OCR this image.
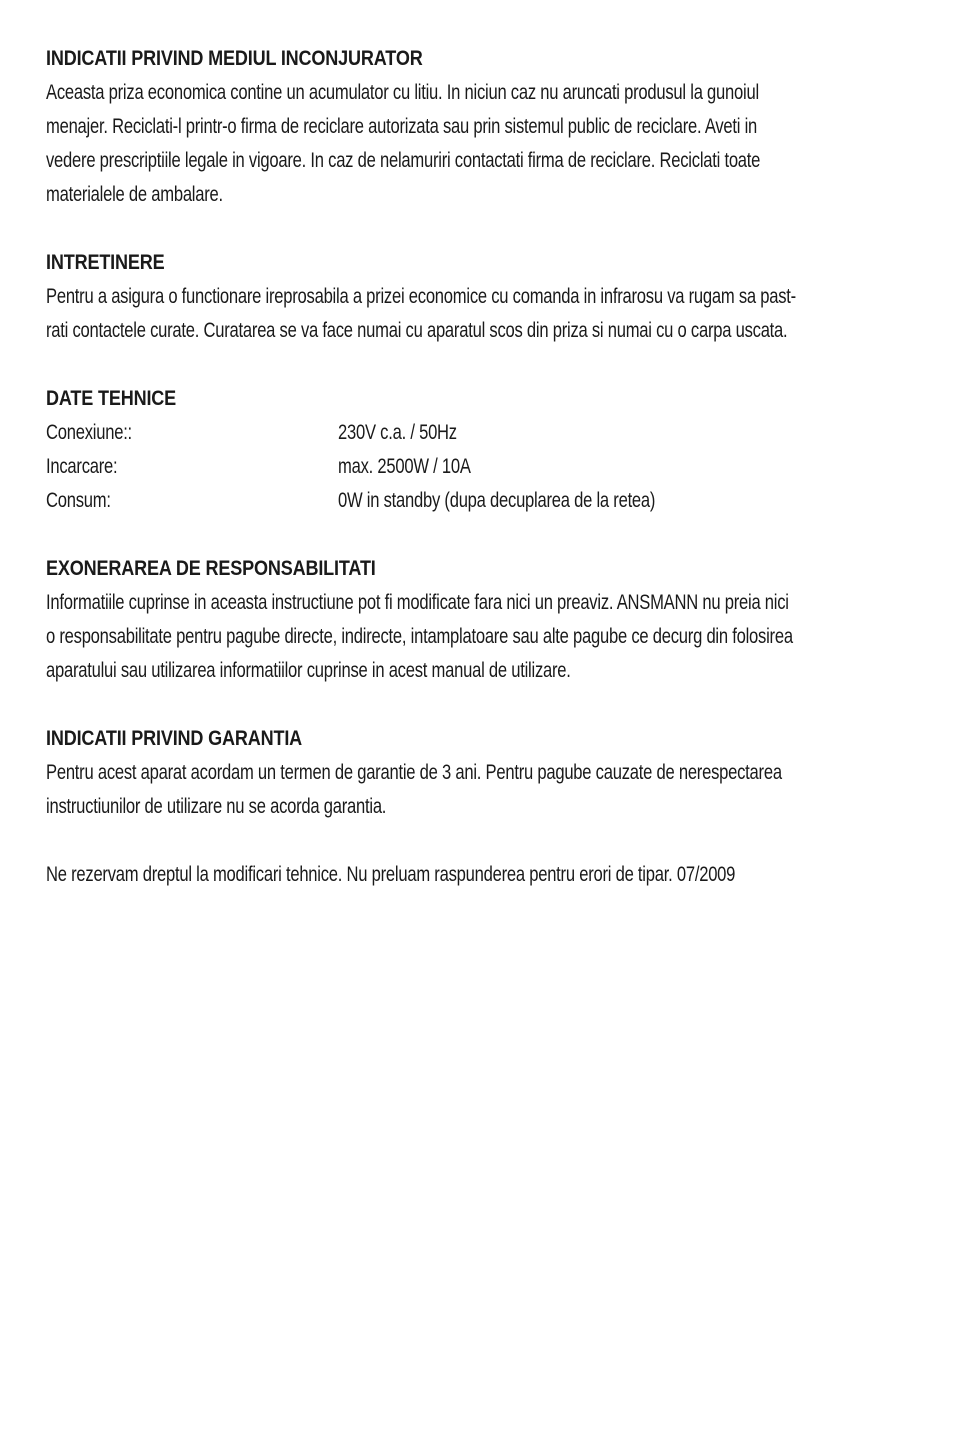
INDICATII PRIVIND MEDIUL INCONJURATOR

Aceasta priza economica contine un acumulator cu litiu. In niciun caz nu aruncati produsul la gunoiul
menajer. Reciclati-l printr-o firma de reciclare autorizata sau prin sistemul public de reciclare. Aveti in
vedere prescriptiile legale in vigoare. In caz de nelamuriri contactati firma de reciclare. Reciclati toate
materialele de ambalare.

INTRETINERE

Pentru a asigura o functionare ireprosabila a prizei economice cu comanda in infrarosu va rugam sa past-
rati contactele curate. Curatarea se va face numai cu aparatul scos din priza si numai cu o carpa uscata.

DATE TEHNICE
Conexiune::	230V c.a. / 50Hz
Incarcare:	max. 2500W / 10A
Consum:	0W in standby (dupa decuplarea de la retea)
EXONERAREA DE RESPONSABILITATI

Informatiile cuprinse in aceasta instructiune pot fi modificate fara nici un preaviz. ANSMANN nu preia nici
o responsabilitate pentru pagube directe, indirecte, intamplatoare sau alte pagube ce decurg din folosirea
aparatului sau utilizarea informatiilor cuprinse in acest manual de utilizare.

INDICATII PRIVIND GARANTIA

Pentru acest aparat acordam un termen de garantie de 3 ani. Pentru pagube cauzate de nerespectarea
instructiunilor de utilizare nu se acorda garantia.

Ne rezervam dreptul la modificari tehnice. Nu preluam raspunderea pentru erori de tipar. 07/2009
